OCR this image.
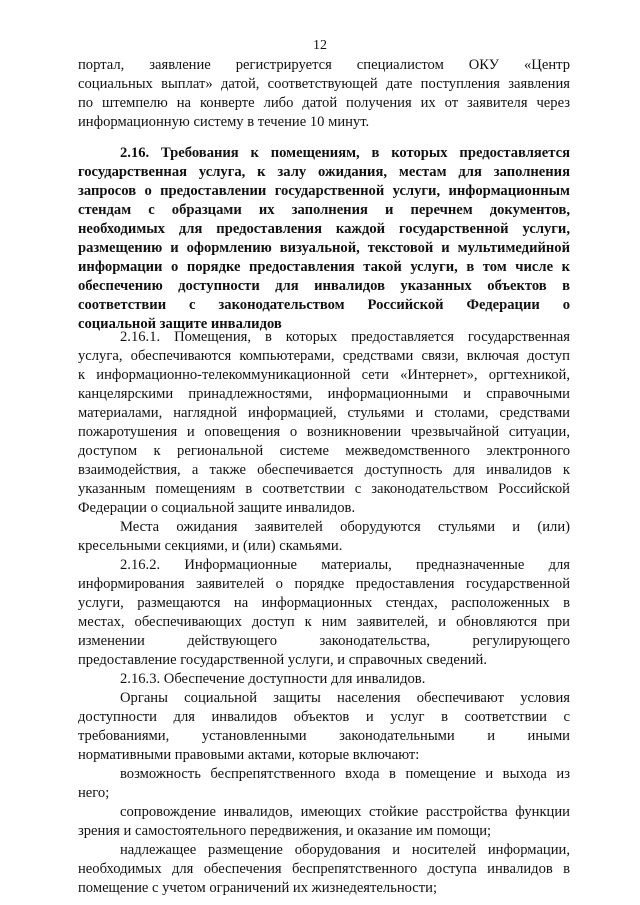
12
портал, заявление регистрируется специалистом ОКУ «Центр
социальных выплат» датой, соответствующей дате поступления заявления
по штемпелю на конверте либо датой получения их от заявителя через
информационную систему в течение 10 минут.
2.16. Требования к помещениям, в которых предоставляется
государственная услуга, к залу ожидания, местам для заполнения
запросов о предоставлении государственной услуги, информационным
стендам с образцами их заполнения и перечнем документов,
необходимых для предоставления каждой государственной услуги,
размещению и оформлению визуальной, текстовой и мультимедийной
информации о порядке предоставления такой услуги, в том числе к
обеспечению доступности для инвалидов указанных объектов в
соответствии с законодательством Российской Федерации о
социальной защите инвалидов
2.16.1. Помещения, в которых предоставляется государственная
услуга, обеспечиваются компьютерами, средствами связи, включая доступ
к информационно-телекоммуникационной сети «Интернет», оргтехникой,
канцелярскими принадлежностями, информационными и справочными
материалами, наглядной информацией, стульями и столами, средствами
пожаротушения и оповещения о возникновении чрезвычайной ситуации,
доступом к региональной системе межведомственного электронного
взаимодействия, а также обеспечивается доступность для инвалидов к
указанным помещениям в соответствии с законодательством Российской
Федерации о социальной защите инвалидов.
Места ожидания заявителей оборудуются стульями и (или)
кресельными секциями, и (или) скамьями.
2.16.2. Информационные материалы, предназначенные для
информирования заявителей о порядке предоставления государственной
услуги, размещаются на информационных стендах, расположенных в
местах, обеспечивающих доступ к ним заявителей, и обновляются при
изменении действующего законодательства, регулирующего
предоставление государственной услуги, и справочных сведений.
2.16.3. Обеспечение доступности для инвалидов.
Органы социальной защиты населения обеспечивают условия
доступности для инвалидов объектов и услуг в соответствии с
требованиями, установленными законодательными и иными
нормативными правовыми актами, которые включают:
возможность беспрепятственного входа в помещение и выхода из
него;
сопровождение инвалидов, имеющих стойкие расстройства функции
зрения и самостоятельного передвижения, и оказание им помощи;
надлежащее размещение оборудования и носителей информации,
необходимых для обеспечения беспрепятственного доступа инвалидов в
помещение с учетом ограничений их жизнедеятельности;
